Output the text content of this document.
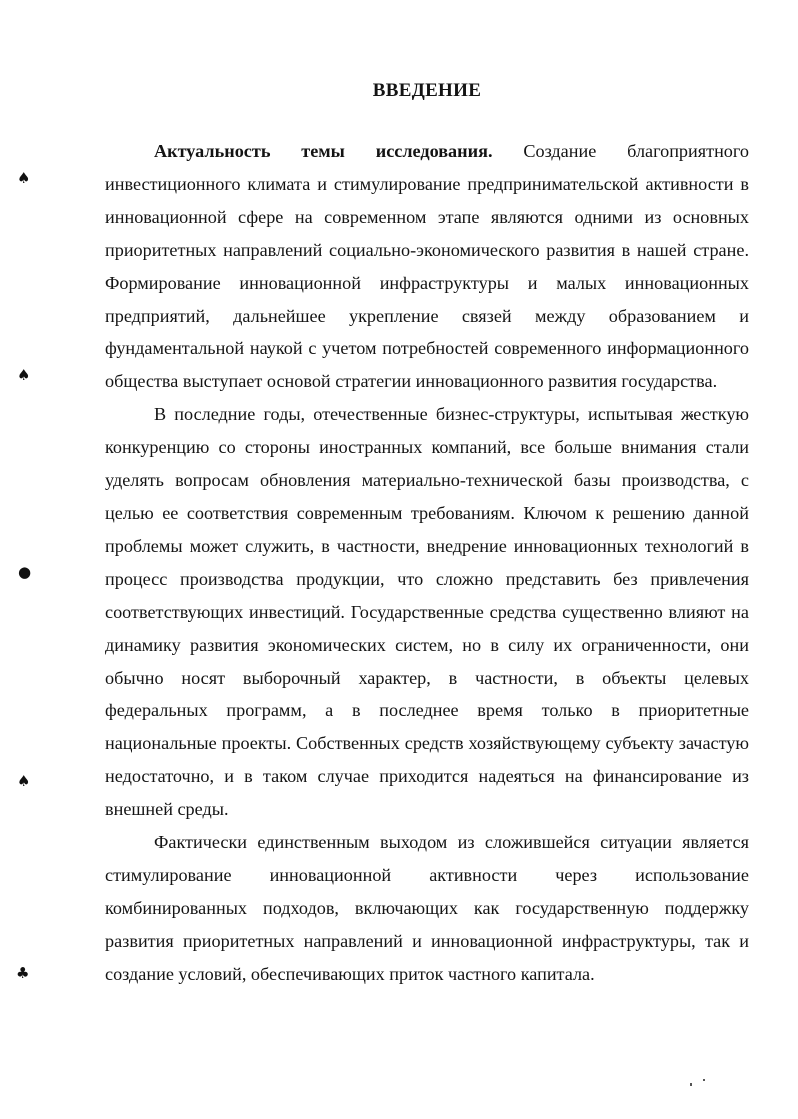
♠
♠
●
♠
♣
ВВЕДЕНИЕ

Актуальность темы исследования. Создание благоприятного инвестиционного климата и стимулирование предпринимательской активности в инновационной сфере на современном этапе являются одними из основных приоритетных направлений социально-экономического развития в нашей стране. Формирование инновационной инфраструктуры и малых инновационных предприятий, дальнейшее укрепление связей между образованием и фундаментальной наукой с учетом потребностей современного информационного общества выступает основой стратегии инновационного развития государства.

В последние годы, отечественные бизнес-структуры, испытывая жесткую конкуренцию со стороны иностранных компаний, все больше внимания стали уделять вопросам обновления материально-технической базы производства, с целью ее соответствия современным требованиям. Ключом к решению данной проблемы может служить, в частности, внедрение инновационных технологий в процесс производства продукции, что сложно представить без привлечения соответствующих инвестиций. Государственные средства существенно влияют на динамику развития экономических систем, но в силу их ограниченности, они обычно носят выборочный характер, в частности, в объекты целевых федеральных программ, а в последнее время только в приоритетные национальные проекты. Собственных средств хозяйствующему субъекту зачастую недостаточно, и в таком случае приходится надеяться на финансирование из внешней среды.

Фактически единственным выходом из сложившейся ситуации является стимулирование инновационной активности через использование комбинированных подходов, включающих как государственную поддержку развития приоритетных направлений и инновационной инфраструктуры, так и создание условий, обеспечивающих приток частного капитала.
